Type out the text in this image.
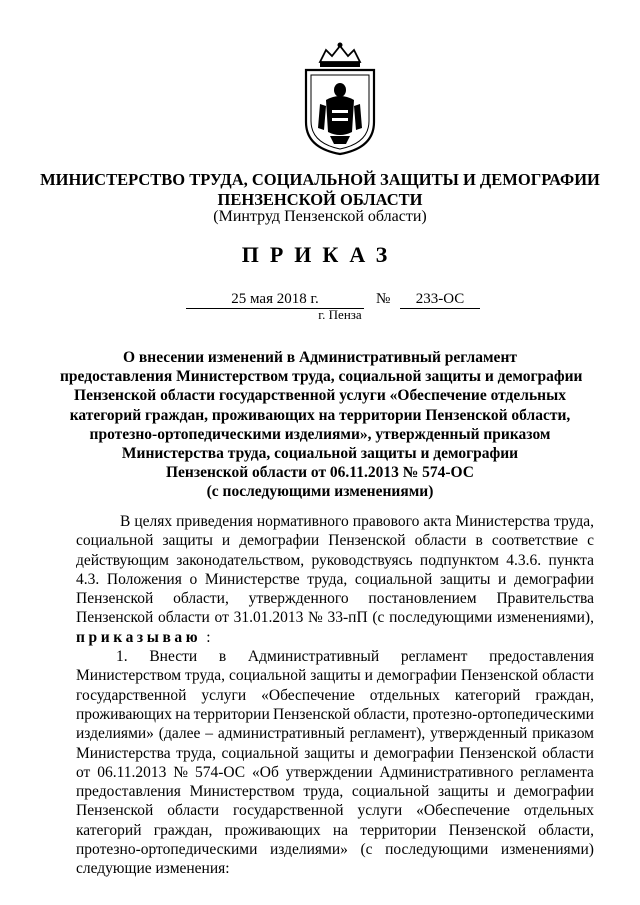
МИНИСТЕРСТВО ТРУДА, СОЦИАЛЬНОЙ ЗАЩИТЫ И ДЕМОГРАФИИ
ПЕНЗЕНСКОЙ ОБЛАСТИ
(Минтруд Пензенской области)
ПРИКАЗ
25 мая 2018 г.	№	233-ОС
г. Пенза
О внесении изменений в Административный регламент
предоставления Министерством труда, социальной защиты и демографии
Пензенской области государственной услуги «Обеспечение отдельных
категорий граждан, проживающих на территории Пензенской области,
протезно-ортопедическими изделиями», утвержденный приказом
Министерства труда, социальной защиты и демографии
Пензенской области от 06.11.2013 № 574-ОС
(с последующими изменениями)
В целях приведения нормативного правового акта Министерства труда,
социальной защиты и демографии Пензенской области в соответствие с
действующим законодательством, руководствуясь подпунктом 4.3.6. пункта
4.3. Положения о Министерстве труда, социальной защиты и демографии
Пензенской области, утвержденного постановлением Правительства
Пензенской области от 31.01.2013 № 33-пП (с последующими изменениями),
приказываю :
1. Внести в Административный регламент предоставления
Министерством труда, социальной защиты и демографии Пензенской области
государственной услуги «Обеспечение отдельных категорий граждан,
проживающих на территории Пензенской области, протезно-ортопедическими
изделиями» (далее – административный регламент), утвержденный приказом
Министерства труда, социальной защиты и демографии Пензенской области
от 06.11.2013 № 574-ОС «Об утверждении Административного регламента
предоставления Министерством труда, социальной защиты и демографии
Пензенской области государственной услуги «Обеспечение отдельных
категорий граждан, проживающих на территории Пензенской области,
протезно-ортопедическими изделиями» (с последующими изменениями)
следующие изменения:
